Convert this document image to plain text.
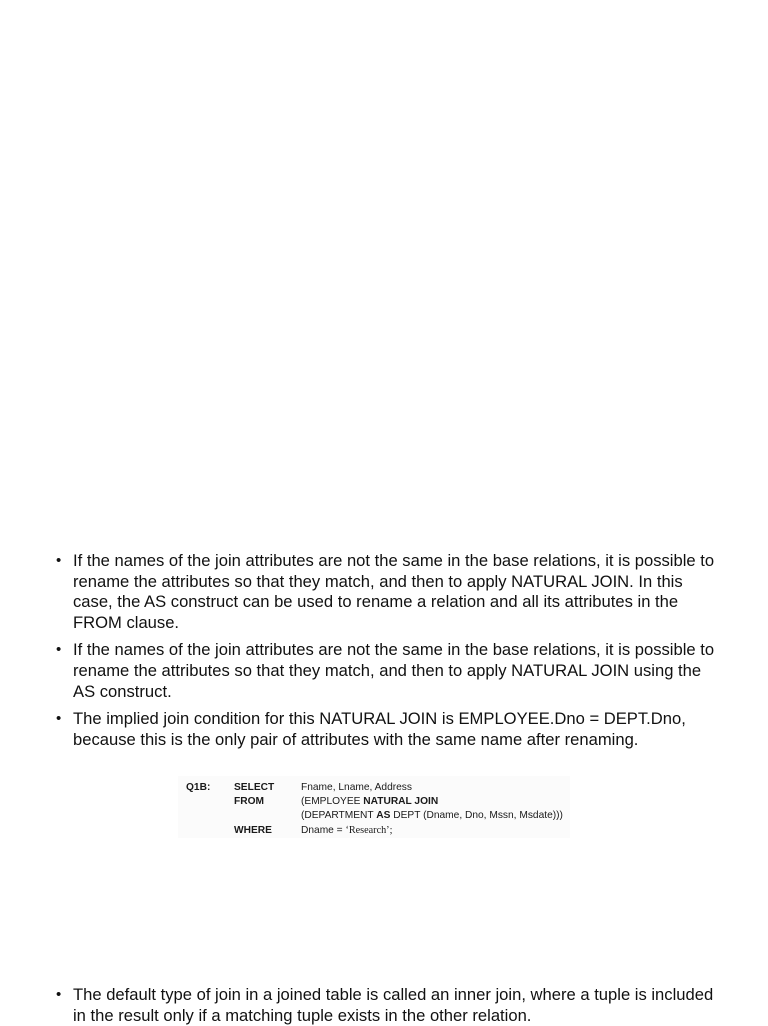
• If the names of the join attributes are not the same in the base relations, it is possible to rename the attributes so that they match, and then to apply NATURAL JOIN. In this case, the AS construct can be used to rename a relation and all its attributes in the FROM clause.
• If the names of the join attributes are not the same in the base relations, it is possible to rename the attributes so that they match, and then to apply NATURAL JOIN using the AS construct.
• The implied join condition for this NATURAL JOIN is EMPLOYEE.Dno = DEPT.Dno, because this is the only pair of attributes with the same name after renaming.
Q1B: SELECT	Fname, Lname, Address
FROM	(EMPLOYEE NATURAL JOIN
(DEPARTMENT AS DEPT (Dname, Dno, Mssn, Msdate)))
WHERE	Dname = ‘Research’;
• The default type of join in a joined table is called an inner join, where a tuple is included in the result only if a matching tuple exists in the other relation.
